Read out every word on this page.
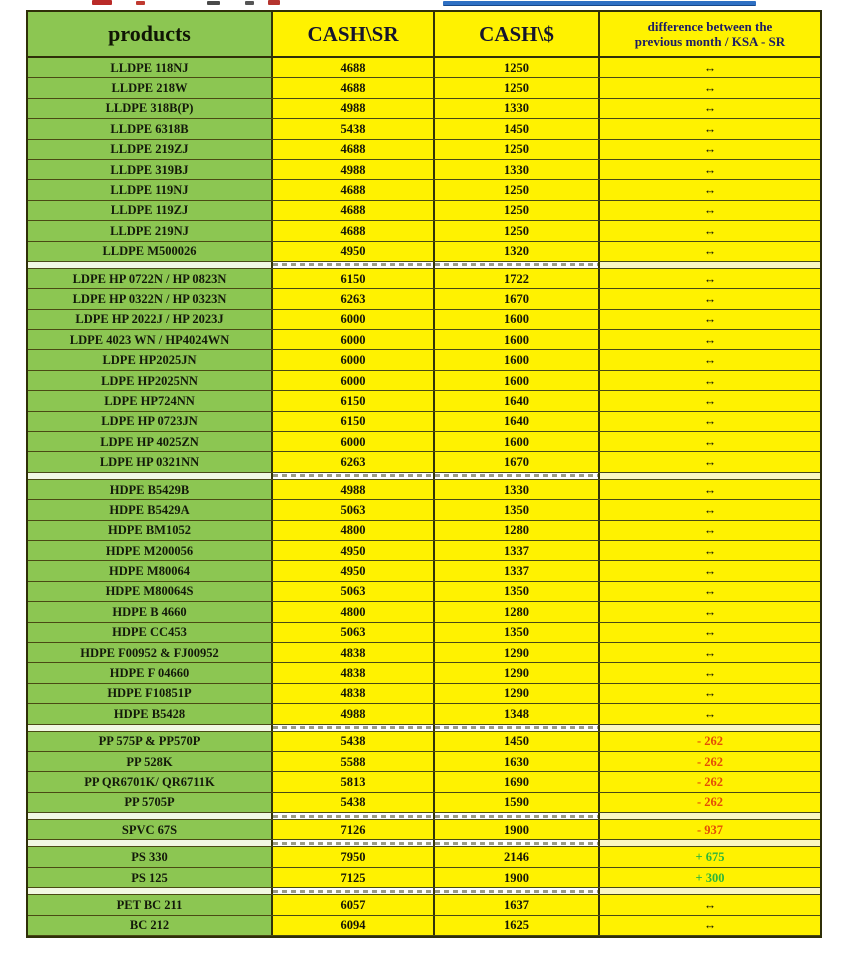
products	CASH\SR	CASH\$	difference between the
previous month / KSA - SR
LLDPE 118NJ	4688	1250	↔
LLDPE 218W	4688	1250	↔
LLDPE 318B(P)	4988	1330	↔
LLDPE 6318B	5438	1450	↔
LLDPE 219ZJ	4688	1250	↔
LLDPE 319BJ	4988	1330	↔
LLDPE 119NJ	4688	1250	↔
LLDPE 119ZJ	4688	1250	↔
LLDPE 219NJ	4688	1250	↔
LLDPE M500026	4950	1320	↔
LDPE HP 0722N / HP 0823N	6150	1722	↔
LDPE HP 0322N / HP 0323N	6263	1670	↔
LDPE HP 2022J / HP 2023J	6000	1600	↔
LDPE 4023 WN / HP4024WN	6000	1600	↔
LDPE HP2025JN	6000	1600	↔
LDPE HP2025NN	6000	1600	↔
LDPE HP724NN	6150	1640	↔
LDPE HP 0723JN	6150	1640	↔
LDPE HP 4025ZN	6000	1600	↔
LDPE HP 0321NN	6263	1670	↔
HDPE B5429B	4988	1330	↔
HDPE B5429A	5063	1350	↔
HDPE BM1052	4800	1280	↔
HDPE M200056	4950	1337	↔
HDPE M80064	4950	1337	↔
HDPE M80064S	5063	1350	↔
HDPE B 4660	4800	1280	↔
HDPE CC453	5063	1350	↔
HDPE F00952 & FJ00952	4838	1290	↔
HDPE F 04660	4838	1290	↔
HDPE F10851P	4838	1290	↔
HDPE B5428	4988	1348	↔
PP 575P & PP570P	5438	1450	- 262
PP 528K	5588	1630	- 262
PP QR6701K/ QR6711K	5813	1690	- 262
PP 5705P	5438	1590	- 262
SPVC 67S	7126	1900	- 937
PS 330	7950	2146	+ 675
PS 125	7125	1900	+ 300
PET BC 211	6057	1637	↔
BC 212	6094	1625	↔
